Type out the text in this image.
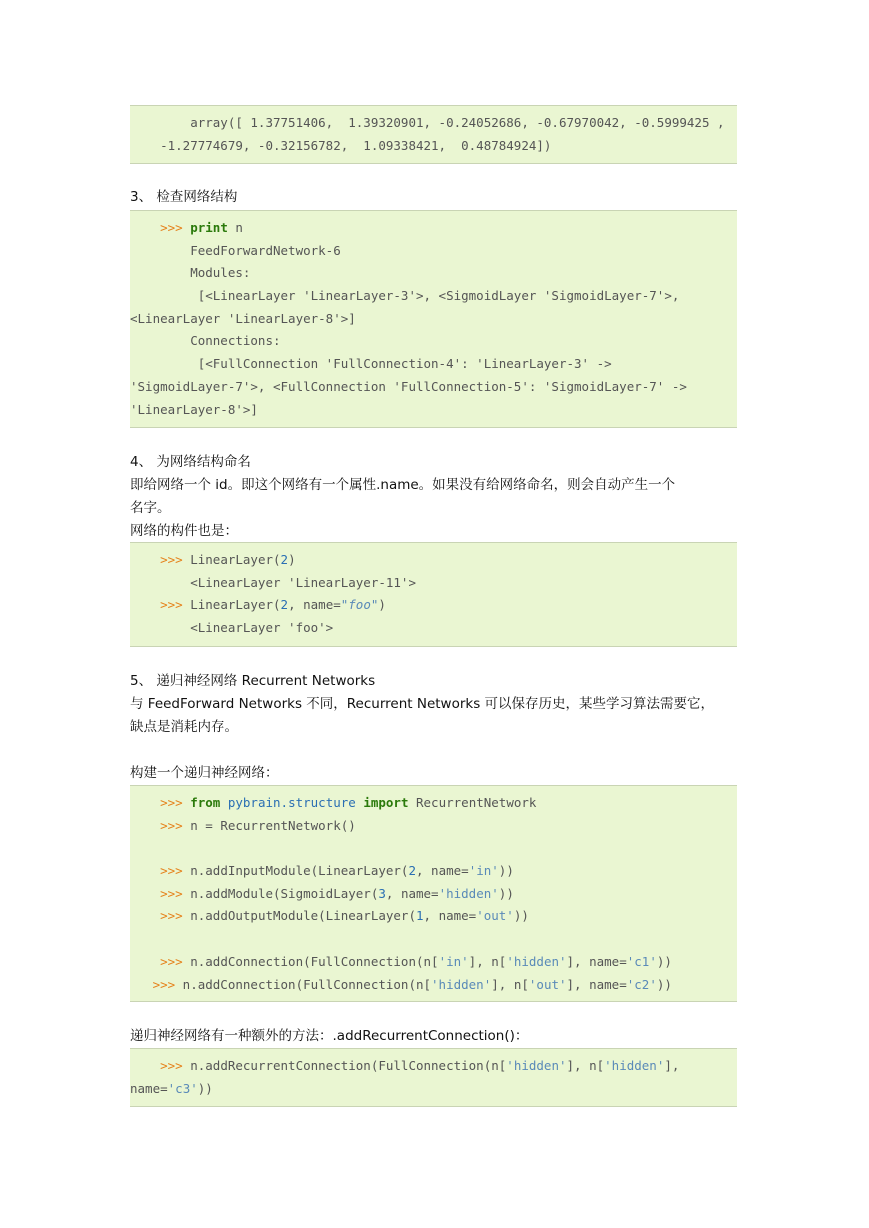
array([ 1.37751406,  1.39320901, -0.24052686, -0.67970042, -0.5999425 ,
-1.27774679, -0.32156782,  1.09338421,  0.48784924])
3、 检查网络结构
>>> print n
FeedForwardNetwork-6
Modules:
[<LinearLayer 'LinearLayer-3'>, <SigmoidLayer 'SigmoidLayer-7'>,
<LinearLayer 'LinearLayer-8'>]
Connections:
[<FullConnection 'FullConnection-4': 'LinearLayer-3' ->
'SigmoidLayer-7'>, <FullConnection 'FullConnection-5': 'SigmoidLayer-7' ->
'LinearLayer-8'>]
4、 为网络结构命名
即给网络一个 id。即这个网络有一个属性.name。如果没有给网络命名，则会自动产生一个
名字。
网络的构件也是：
>>> LinearLayer(2)
<LinearLayer 'LinearLayer-11'>
>>> LinearLayer(2, name="foo")
<LinearLayer 'foo'>
5、 递归神经网络 Recurrent Networks
与 FeedForward Networks 不同，Recurrent Networks 可以保存历史，某些学习算法需要它，
缺点是消耗内存。
构建一个递归神经网络：
>>> from pybrain.structure import RecurrentNetwork
>>> n = RecurrentNetwork()
>>> n.addInputModule(LinearLayer(2, name='in'))
>>> n.addModule(SigmoidLayer(3, name='hidden'))
>>> n.addOutputModule(LinearLayer(1, name='out'))
>>> n.addConnection(FullConnection(n['in'], n['hidden'], name='c1'))
>>> n.addConnection(FullConnection(n['hidden'], n['out'], name='c2'))
递归神经网络有一种额外的方法：.addRecurrentConnection()：
>>> n.addRecurrentConnection(FullConnection(n['hidden'], n['hidden'],
name='c3'))
